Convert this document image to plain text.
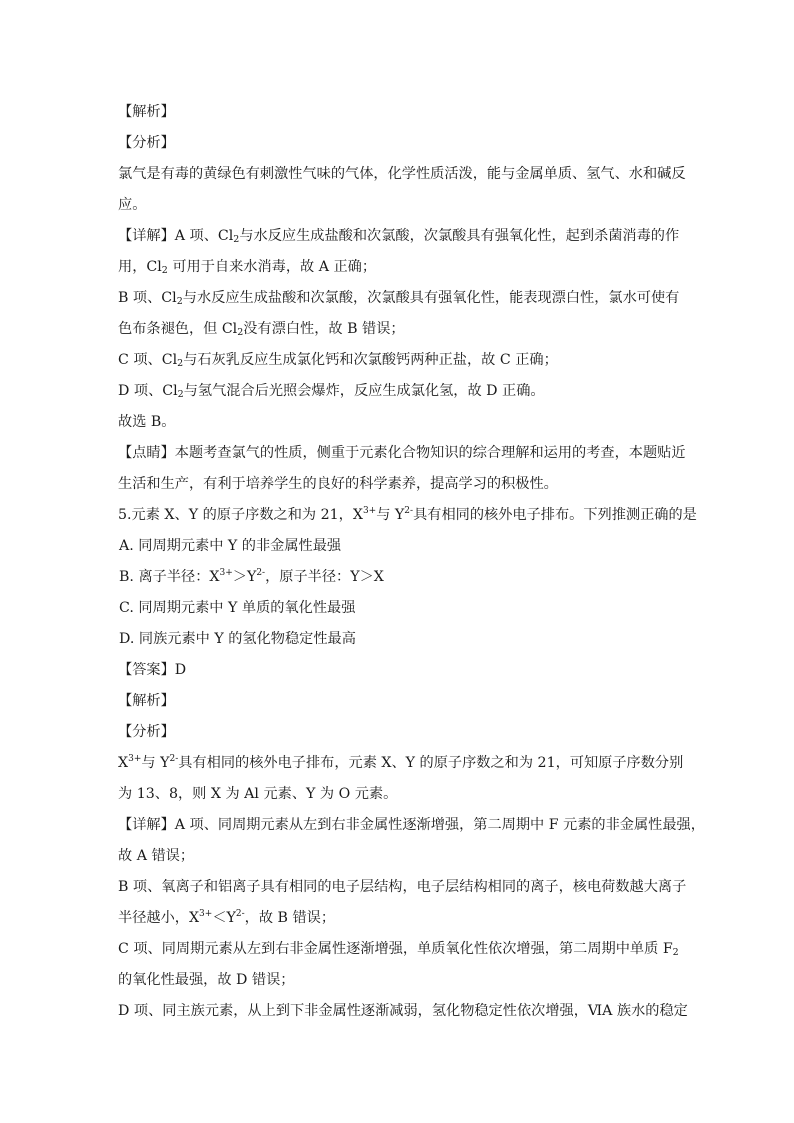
【解析】
【分析】
氯气是有毒的黄绿色有刺激性气味的气体，化学性质活泼，能与金属单质、氢气、水和碱反
应。
【详解】A 项、$Cl_2$与水反应生成盐酸和次氯酸，次氯酸具有强氧化性，起到杀菌消毒的作
用，$Cl_2$ 可用于自来水消毒，故 A 正确；
B 项、$Cl_2$与水反应生成盐酸和次氯酸，次氯酸具有强氧化性，能表现漂白性，氯水可使有
色布条褪色，但 $Cl_2$没有漂白性，故 B 错误；
C 项、$Cl_2$与石灰乳反应生成氯化钙和次氯酸钙两种正盐，故 C 正确；
D 项、$Cl_2$与氢气混合后光照会爆炸，反应生成氯化氢，故 D 正确。
故选 B。
【点睛】本题考查氯气的性质，侧重于元素化合物知识的综合理解和运用的考查，本题贴近
生活和生产，有利于培养学生的良好的科学素养，提高学习的积极性。
5.元素 X、Y 的原子序数之和为 21，$X^{3+}$与 $Y^{2-}$具有相同的核外电子排布。下列推测正确的是
A. 同周期元素中 Y 的非金属性最强
B. 离子半径：$X^{3+}>Y^{2-}$，原子半径：Y＞X
C. 同周期元素中 Y 单质的氧化性最强
D. 同族元素中 Y 的氢化物稳定性最高
【答案】D
【解析】
【分析】
$X^{3+}$与 $Y^{2-}$具有相同的核外电子排布，元素 X、Y 的原子序数之和为 21，可知原子序数分别
为 13、8，则 X 为 Al 元素、Y 为 O 元素。
【详解】A 项、同周期元素从左到右非金属性逐渐增强，第二周期中 F 元素的非金属性最强，
故 A 错误；
B 项、氧离子和铝离子具有相同的电子层结构，电子层结构相同的离子，核电荷数越大离子
半径越小，$X^{3+}<Y^{2-}$，故 B 错误；
C 项、同周期元素从左到右非金属性逐渐增强，单质氧化性依次增强，第二周期中单质 $F_2$
的氧化性最强，故 D 错误；
D 项、同主族元素，从上到下非金属性逐渐减弱，氢化物稳定性依次增强，ⅥA 族水的稳定
